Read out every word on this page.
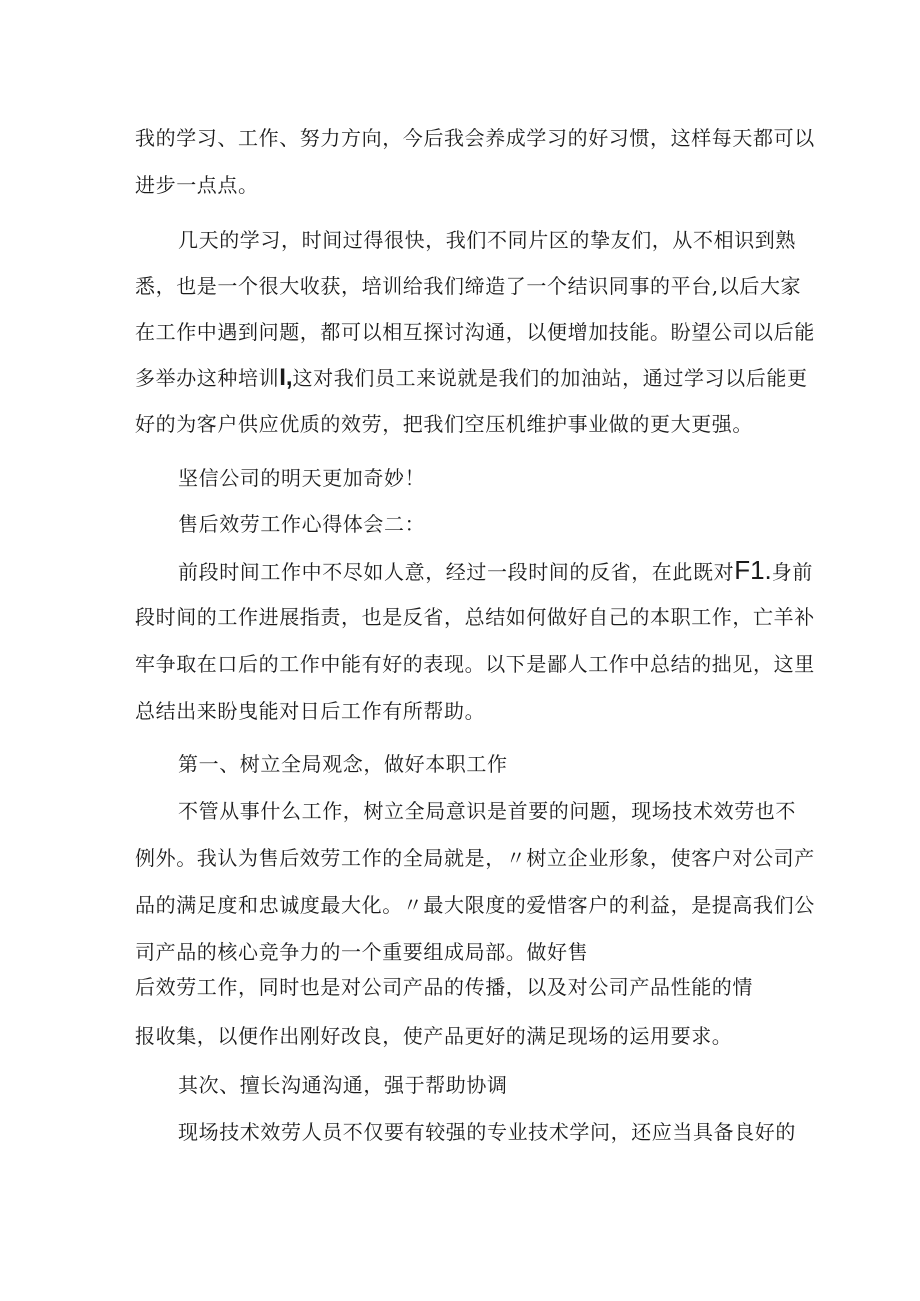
我的学习、工作、努力方向，今后我会养成学习的好习惯，这样每天都可以
进步一点点。
几天的学习，时间过得很快，我们不同片区的挚友们，从不相识到熟
悉，也是一个很大收获，培训给我们缔造了一个结识同事的平台,以后大家
在工作中遇到问题，都可以相互探讨沟通，以便增加技能。盼望公司以后能
多举办这种培训I,这对我们员工来说就是我们的加油站，通过学习以后能更
好的为客户供应优质的效劳，把我们空压机维护事业做的更大更强。
坚信公司的明天更加奇妙！
售后效劳工作心得体会二：
前段时间工作中不尽如人意，经过一段时间的反省，在此既对F1.身前
段时间的工作进展指责，也是反省，总结如何做好自己的本职工作，亡羊补
牢争取在口后的工作中能有好的表现。以下是鄙人工作中总结的拙见，这里
总结出来盼曳能对日后工作有所帮助。
第一、树立全局观念，做好本职工作
不管从事什么工作，树立全局意识是首要的问题，现场技术效劳也不
例外。我认为售后效劳工作的全局就是，〃树立企业形象，使客户对公司产
品的满足度和忠诚度最大化。〃最大限度的爱惜客户的利益，是提高我们公
司产品的核心竞争力的一个重要组成局部。做好售
后效劳工作，同时也是对公司产品的传播，以及对公司产品性能的情
报收集，以便作出刚好改良，使产品更好的满足现场的运用要求。
其次、擅长沟通沟通，强于帮助协调
现场技术效劳人员不仅要有较强的专业技术学问，还应当具备良好的
